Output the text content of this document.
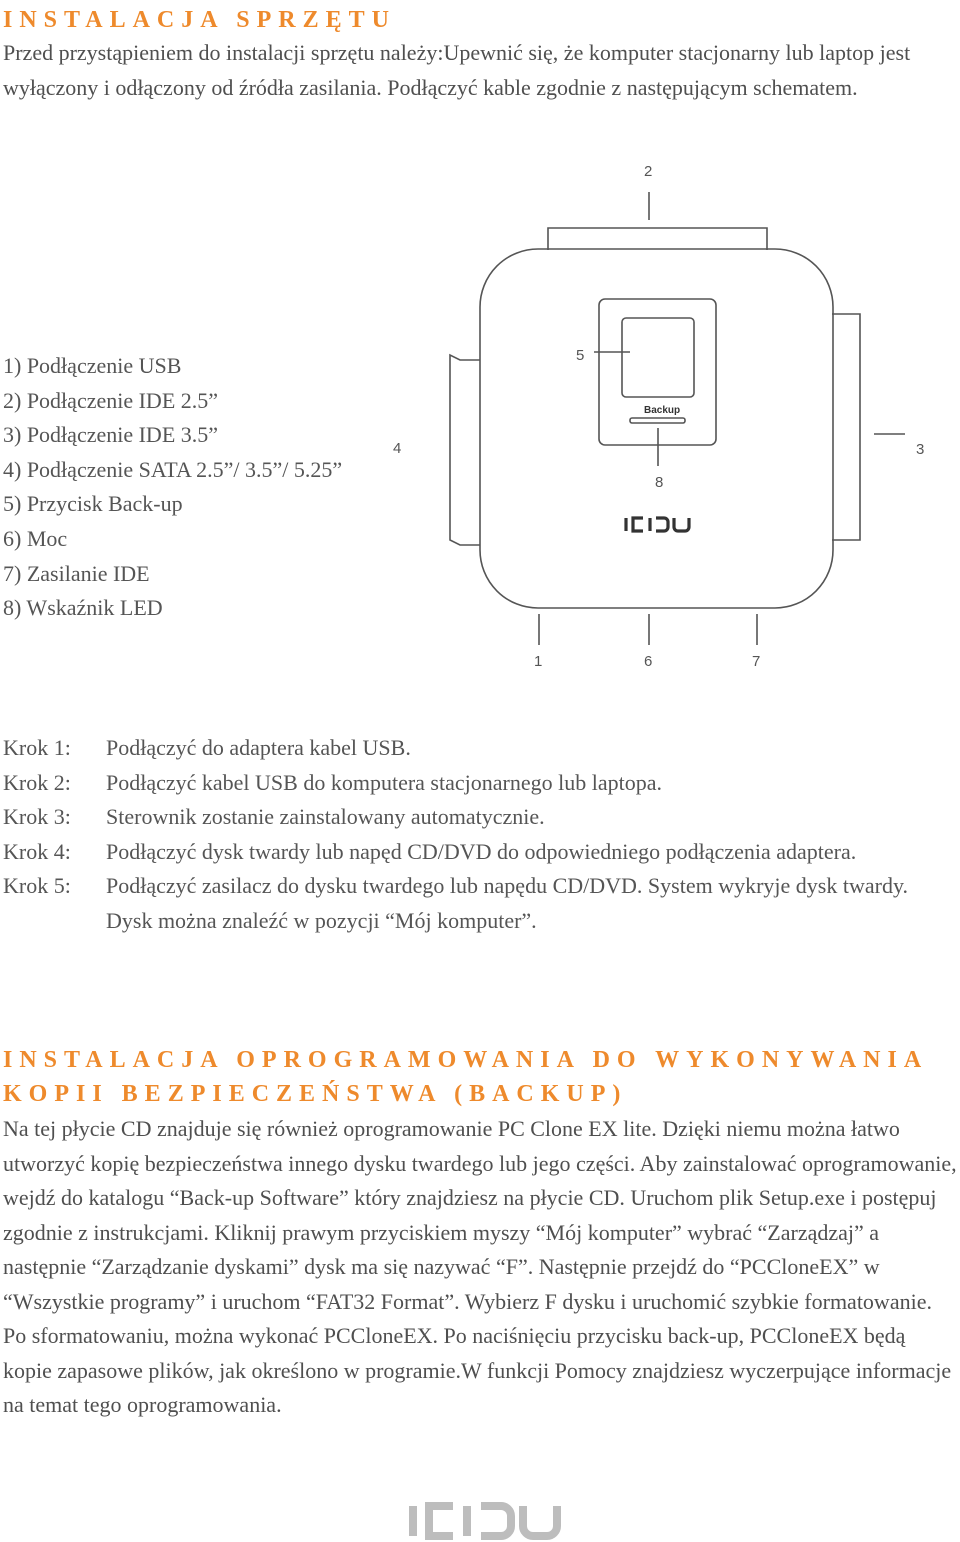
INSTALACJA SPRZĘTU

Przed przystąpieniem do instalacji sprzętu należy:Upewnić się, że komputer stacjonarny lub laptop jest wyłączony i odłączony od źródła zasilania. Podłączyć kable zgodnie z następującym schematem.

1) Podłączenie USB
2) Podłączenie IDE 2.5”
3) Podłączenie IDE 3.5”
4) Podłączenie SATA 2.5”/ 3.5”/ 5.25”
5) Przycisk Back-up
6) Moc
7) Zasilanie IDE
8) Wskaźnik LED
2
5
4	3
8
1	6	7
Backup
Krok 1:	Podłączyć do adaptera kabel USB.
Krok 2:	Podłączyć kabel USB do komputera stacjonarnego lub laptopa.
Krok 3:	Sterownik zostanie zainstalowany automatycznie.
Krok 4:	Podłączyć dysk twardy lub napęd CD/DVD do odpowiedniego podłączenia adaptera.
Krok 5:	Podłączyć zasilacz do dysku twardego lub napędu CD/DVD. System wykryje dysk twardy. Dysk można znaleźć w pozycji “Mój komputer”.
INSTALACJA OPROGRAMOWANIA DO WYKONYWANIA
KOPII BEZPIECZEŃSTWA (BACKUP)

Na tej płycie CD znajduje się również oprogramowanie PC Clone EX lite. Dzięki niemu można łatwo utworzyć kopię bezpieczeństwa innego dysku twardego lub jego części. Aby zainstalować oprogramowanie, wejdź do katalogu “Back-up Software” który znajdziesz na płycie CD. Uruchom plik Setup.exe i postępuj zgodnie z instrukcjami. Kliknij prawym przyciskiem myszy “Mój komputer” wybrać “Zarządzaj” a następnie “Zarządzanie dyskami” dysk ma się nazywać “F”. Następnie przejdź do “PCCloneEX” w “Wszystkie programy” i uruchom “FAT32 Format”. Wybierz F dysku i uruchomić szybkie formatowanie. Po sformatowaniu, można wykonać PCCloneEX. Po naciśnięciu przycisku back-up, PCCloneEX będą kopie zapasowe plików, jak określono w programie.W funkcji Pomocy znajdziesz wyczerpujące informacje na temat tego oprogramowania.
